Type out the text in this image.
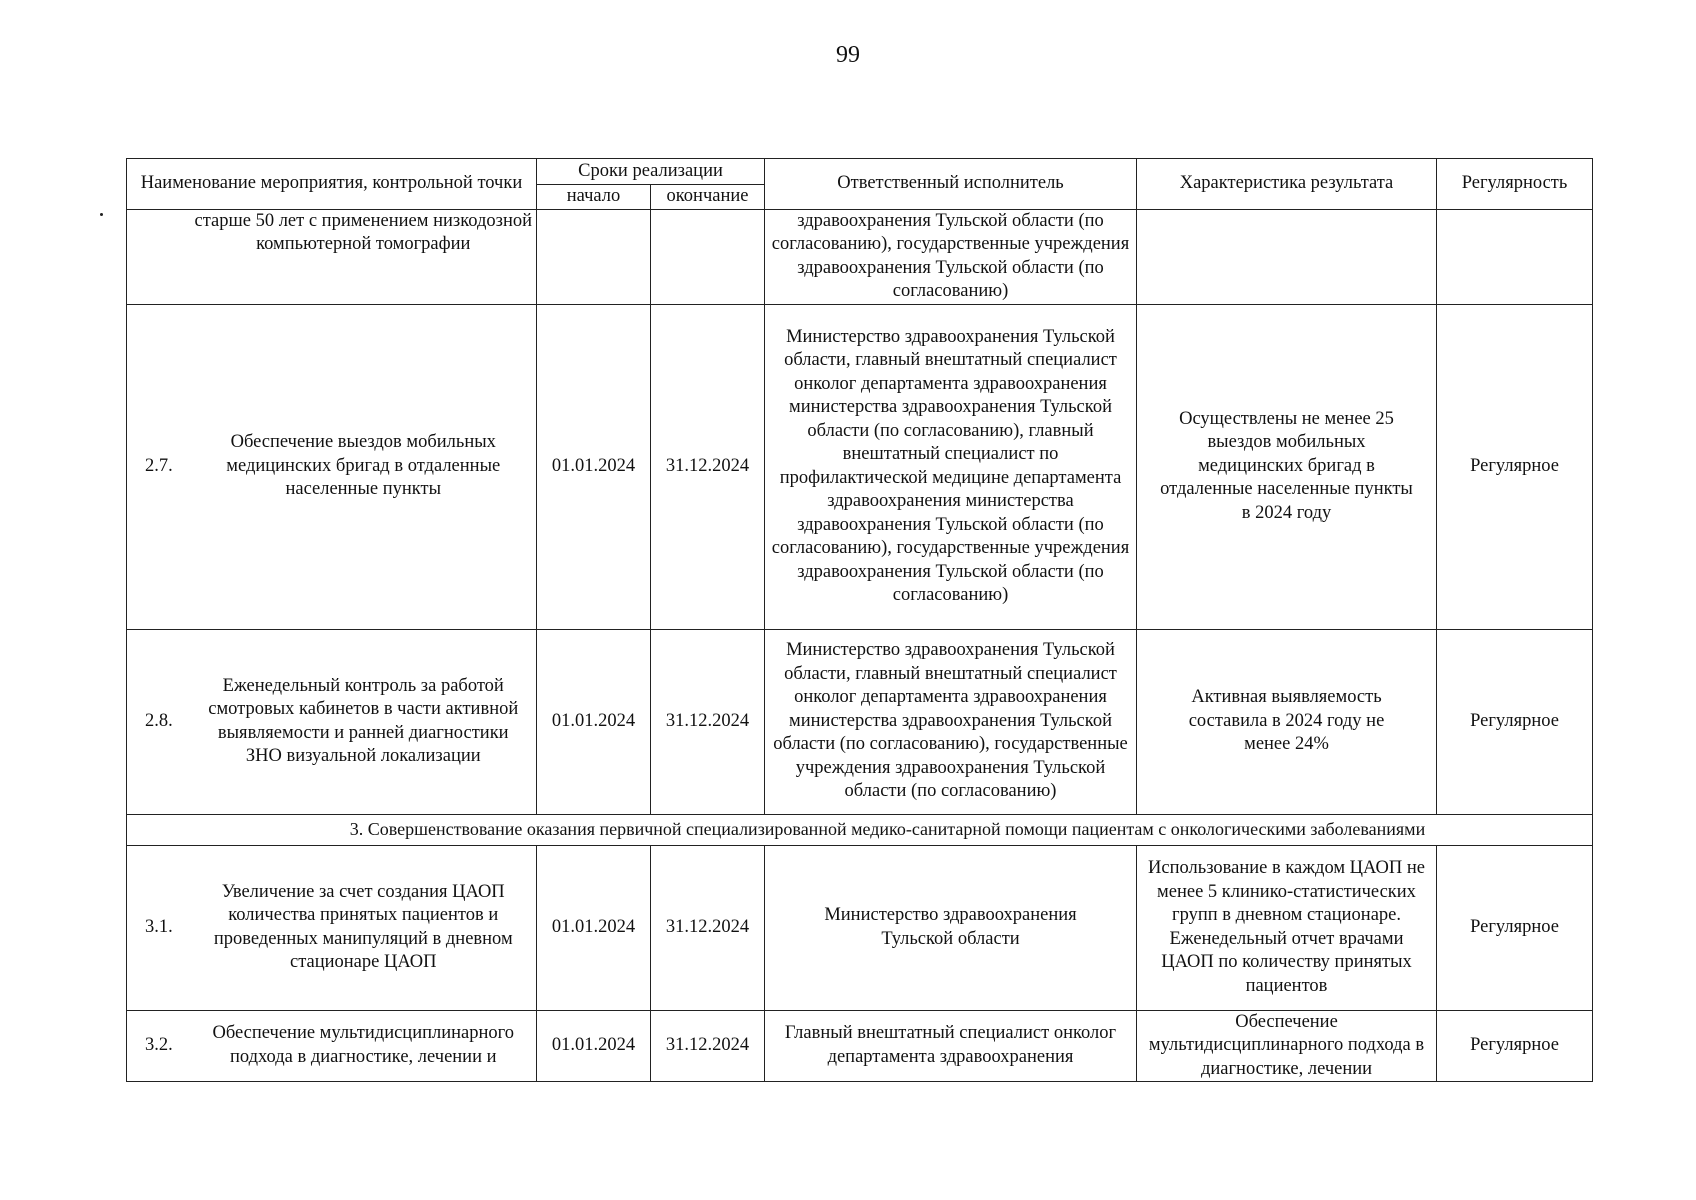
99
Наименование мероприятия, контрольной точки		Сроки реализации		Ответственный исполнитель	Характеристика результата	Регулярность
		начало	окончание			
	старше 50 лет с применением низкодозной компьютерной томографии			здравоохранения Тульской области (по согласованию), государственные учреждения здравоохранения Тульской области (по согласованию)		
2.7.	Обеспечение выездов мобильных медицинских бригад в отдаленные населенные пункты	01.01.2024	31.12.2024	Министерство здравоохранения Тульской области, главный внештатный специалист онколог департамента здравоохранения министерства здравоохранения Тульской области (по согласованию), главный внештатный специалист по профилактической медицине департамента здравоохранения министерства здравоохранения Тульской области (по согласованию), государственные учреждения здравоохранения Тульской области (по согласованию)	Осуществлены не менее 25 выездов мобильных медицинских бригад в отдаленные населенные пункты в 2024 году	Регулярное
2.8.	Еженедельный контроль за работой смотровых кабинетов в части активной выявляемости и ранней диагностики ЗНО визуальной локализации	01.01.2024	31.12.2024	Министерство здравоохранения Тульской области, главный внештатный специалист онколог департамента здравоохранения министерства здравоохранения Тульской области (по согласованию), государственные учреждения здравоохранения Тульской области (по согласованию)	Активная выявляемость составила в 2024 году не менее 24%	Регулярное
3. Совершенствование оказания первичной специализированной медико-санитарной помощи пациентам с онкологическими заболеваниями						
3.1.	Увеличение за счет создания ЦАОП количества принятых пациентов и проведенных манипуляций в дневном стационаре ЦАОП	01.01.2024	31.12.2024	Министерство здравоохранения Тульской области	Использование в каждом ЦАОП не менее 5 клинико-статистических групп в дневном стационаре. Еженедельный отчет врачами ЦАОП по количеству принятых пациентов	Регулярное
3.2.	Обеспечение мультидисциплинарного подхода в диагностике, лечении и	01.01.2024	31.12.2024	Главный внештатный специалист онколог департамента здравоохранения	Обеспечение мультидисциплинарного подхода в диагностике, лечении	Регулярное
